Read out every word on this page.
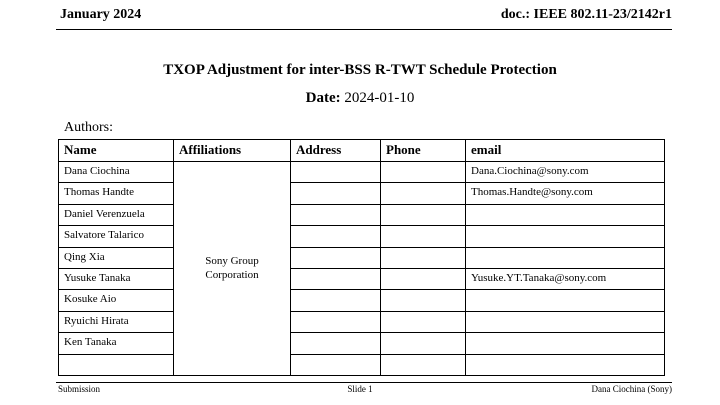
January 2024	doc.: IEEE 802.11-23/2142r1
TXOP Adjustment for inter-BSS R-TWT Schedule Protection
Date: 2024-01-10
Authors:
Name	Affiliations	Address	Phone	email
Dana Ciochina	Sony Group Corporation			Dana.Ciochina@sony.com
Thomas Handte				Thomas.Handte@sony.com
Daniel Verenzuela				
Salvatore Talarico				
Qing Xia				
Yusuke Tanaka				Yusuke.YT.Tanaka@sony.com
Kosuke Aio				
Ryuichi Hirata				
Ken Tanaka				

Submission	Slide 1	Dana Ciochina (Sony)
